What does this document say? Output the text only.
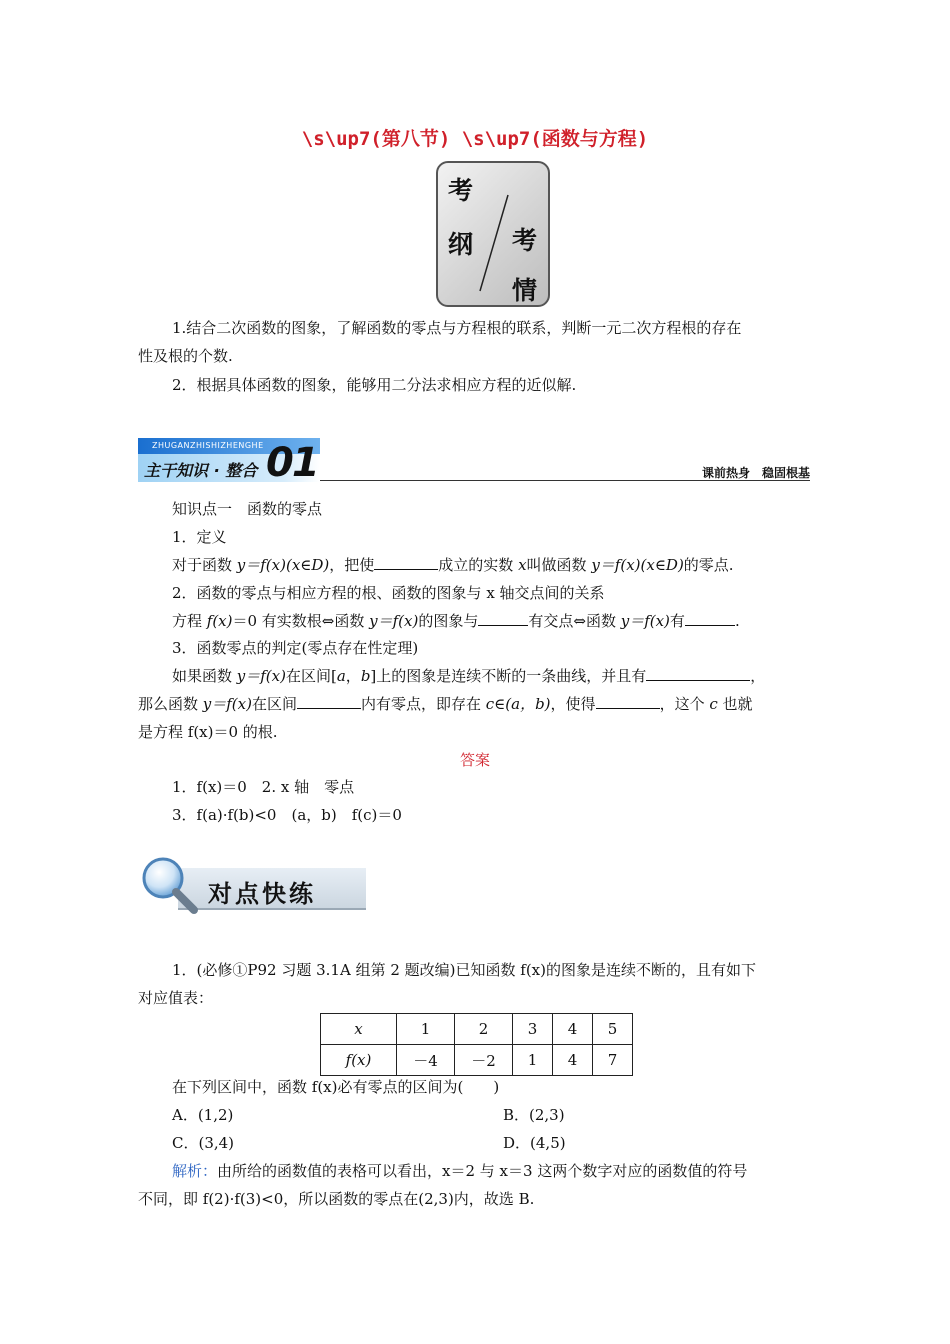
\s\up7(第八节) \s\up7(函数与方程)
考
纲 考
情
1.结合二次函数的图象，了解函数的零点与方程根的联系，判断一元二次方程根的存在
性及根的个数.
2．根据具体函数的图象，能够用二分法求相应方程的近似解.
ZHUGANZHISHIZHENGHE
主干知识 · 整合 01	课前热身　稳固根基
知识点一　函数的零点
1．定义
对于函数 y＝f(x)(x∈D)，把使	成立的实数 x叫做函数 y＝f(x)(x∈D)的零点.
2．函数的零点与相应方程的根、函数的图象与 x 轴交点间的关系
方程 f(x)＝0 有实数根⇔函数 y＝f(x)的图象与	有交点⇔函数 y＝f(x)有	.
3．函数零点的判定(零点存在性定理)
如果函数 y＝f(x)在区间[a，b]上的图象是连续不断的一条曲线，并且有	，
那么函数 y＝f(x)在区间	内有零点，即存在 c∈(a，b)，使得	，这个 c 也就
是方程 f(x)＝0 的根.
答案
1．f(x)＝0　2. x 轴　零点
3．f(a)·f(b)<0　(a，b)　f(c)＝0
对点快练
1．(必修①P92 习题 3.1A 组第 2 题改编)已知函数 f(x)的图象是连续不断的，且有如下
对应值表：
x	1	2	3	4	5
f(x)	－4	－2	1	4	7
在下列区间中，函数 f(x)必有零点的区间为(　　)
A．(1,2)	B．(2,3)
C．(3,4)	D．(4,5)
解析：由所给的函数值的表格可以看出，x＝2 与 x＝3 这两个数字对应的函数值的符号
不同，即 f(2)·f(3)<0，所以函数的零点在(2,3)内，故选 B.
